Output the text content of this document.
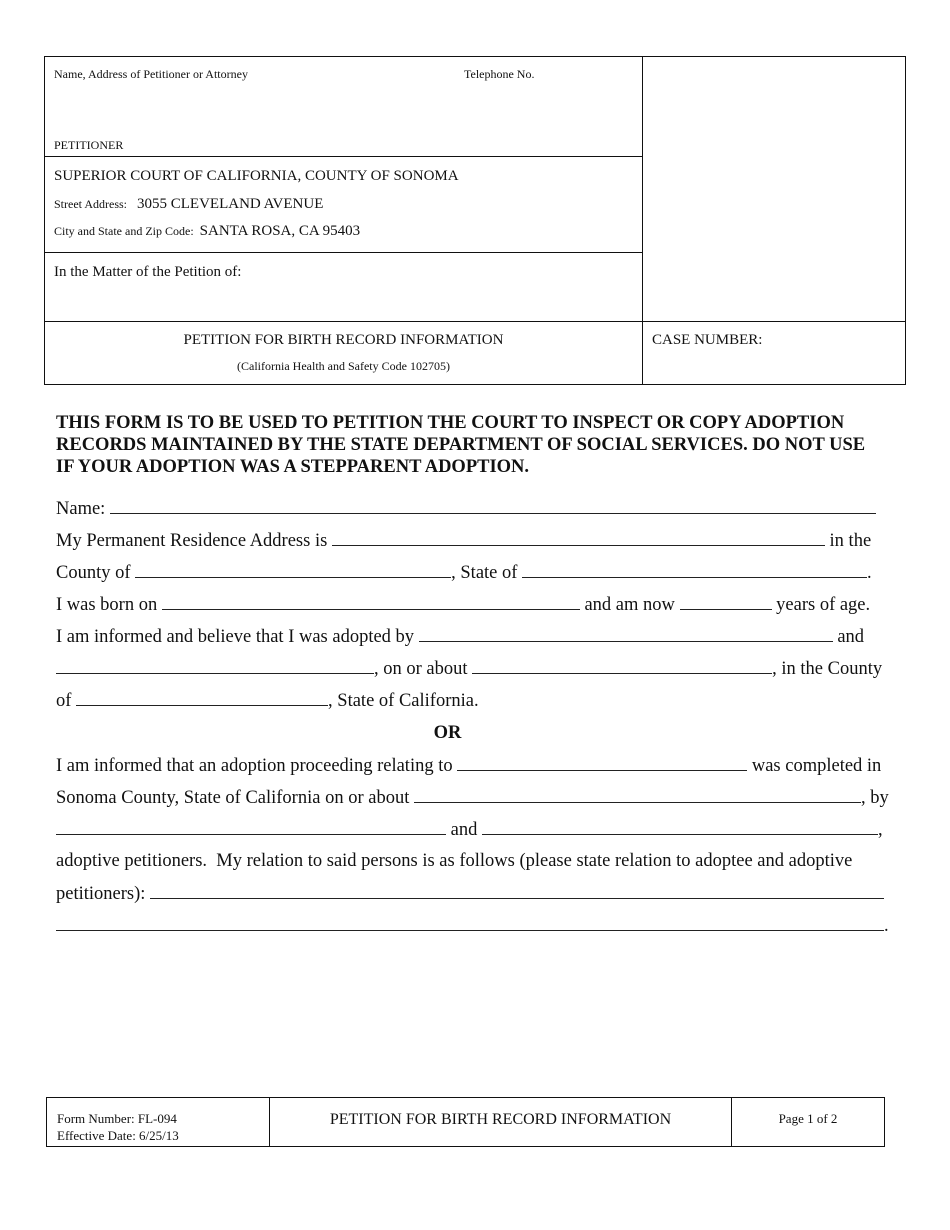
Name, Address of Petitioner or Attorney	Telephone No.
PETITIONER
SUPERIOR COURT OF CALIFORNIA, COUNTY OF SONOMA
Street Address: 3055 CLEVELAND AVENUE
City and State and Zip Code: SANTA ROSA, CA 95403
In the Matter of the Petition of:
PETITION FOR BIRTH RECORD INFORMATION
(California Health and Safety Code 102705)
CASE NUMBER:
THIS FORM IS TO BE USED TO PETITION THE COURT TO INSPECT OR COPY ADOPTION RECORDS MAINTAINED BY THE STATE DEPARTMENT OF SOCIAL SERVICES. DO NOT USE IF YOUR ADOPTION WAS A STEPPARENT ADOPTION.
Name:
My Permanent Residence Address is	in the
County of	, State of	.
I was born on	and am now	years of age.
I am informed and believe that I was adopted by	and
, on or about	, in the County
of	, State of California.
OR
I am informed that an adoption proceeding relating to	was completed in
Sonoma County, State of California on or about	, by
and	,
adoptive petitioners.  My relation to said persons is as follows (please state relation to adoptee and adoptive
petitioners):
.
Form Number: FL-094
Effective Date: 6/25/13
PETITION FOR BIRTH RECORD INFORMATION	Page 1 of 2
